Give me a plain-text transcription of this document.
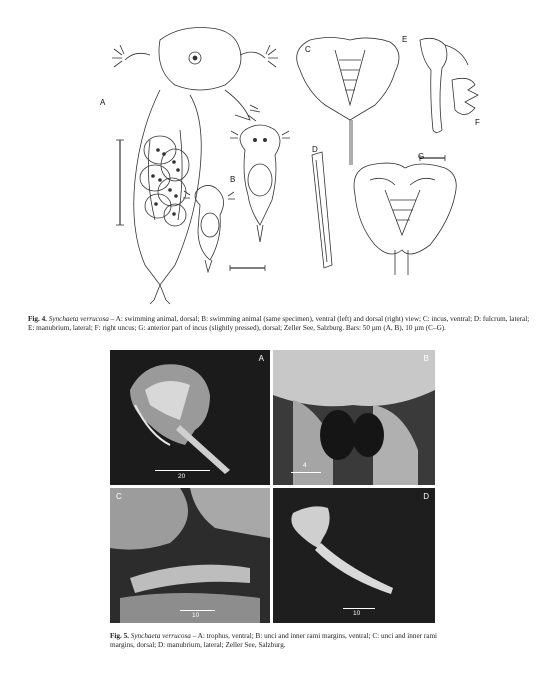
A
B
C
D
E
F
G
Fig. 4. Synchaeta verrucosa – A: swimming animal, dorsal; B: swimming animal (same specimen), ventral (left) and dorsal (right) view; C: incus, ventral; D: fulcrum, lateral; E: manubrium, lateral; F: right uncus; G: anterior part of incus (slightly pressed), dorsal; Zeller See, Salzburg. Bars: 50 µm (A, B), 10 µm (C–G).
A
20
B
4
C
10
D
10
Fig. 5. Synchaeta verrucosa – A: trophus, ventral; B: unci and inner rami margins, ventral; C: unci and inner rami margins, dorsal; D: manubrium, lateral; Zeller See, Salzburg.
